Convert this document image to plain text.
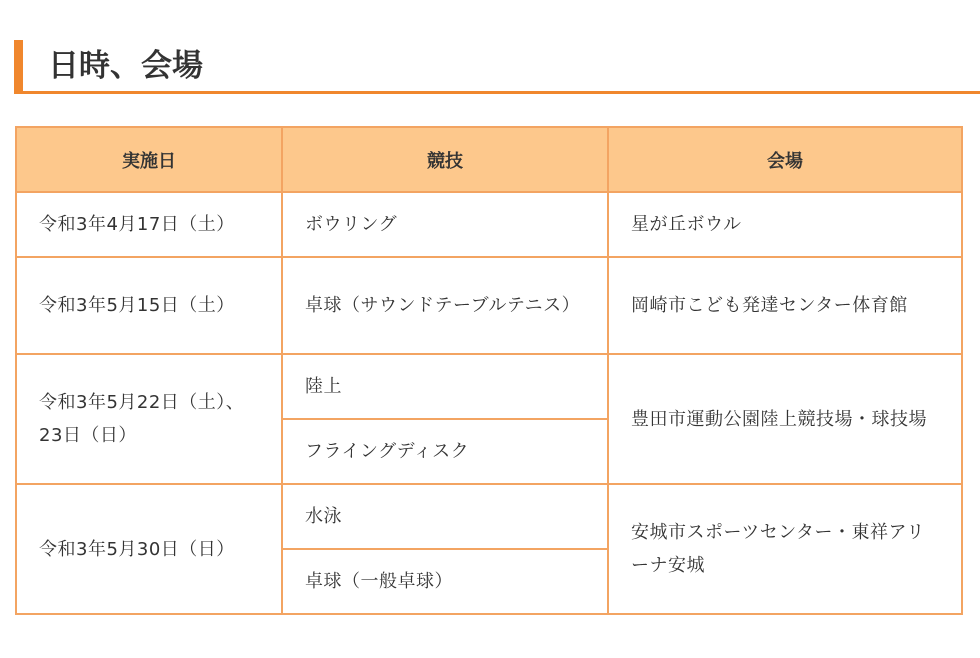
日時、会場
実施日	競技	会場
令和3年4月17日（土）	ボウリング	星が丘ボウル
令和3年5月15日（土）	卓球（サウンドテーブルテニス）	岡崎市こども発達センター体育館
令和3年5月22日（土）、23日（日）	陸上	豊田市運動公園陸上競技場・球技場
	フライングディスク	
令和3年5月30日（日）	水泳	安城市スポーツセンター・東祥アリーナ安城
	卓球（一般卓球）	
